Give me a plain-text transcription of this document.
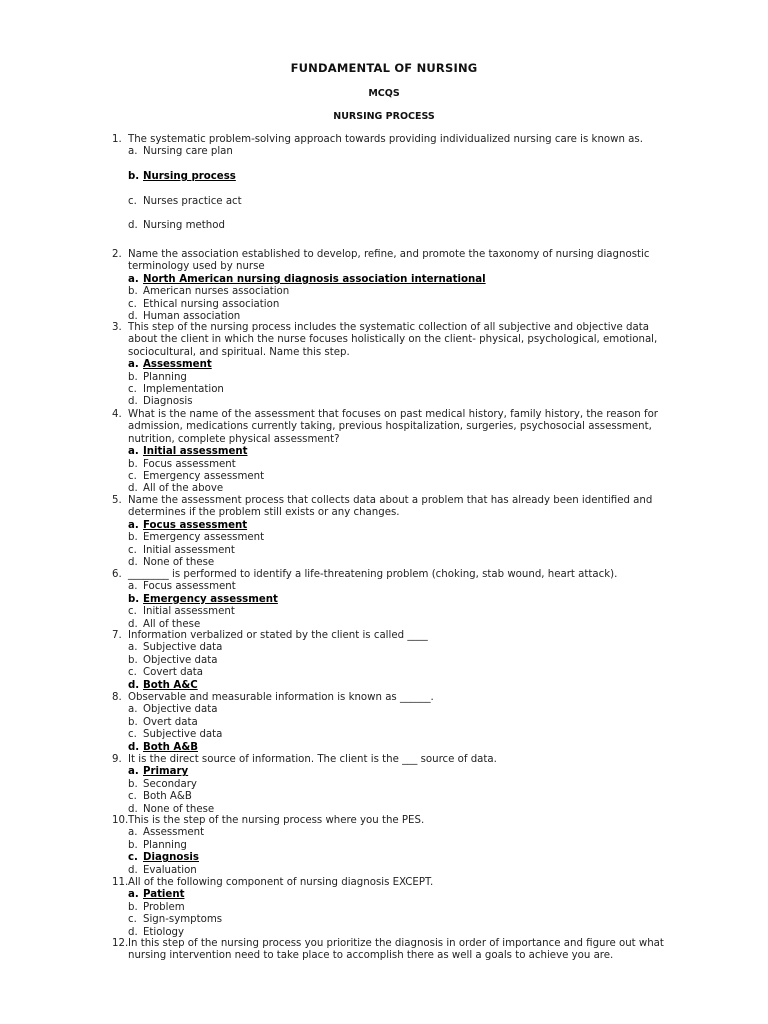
FUNDAMENTAL OF NURSING
MCQS
NURSING PROCESS
1. The systematic problem-solving approach towards providing individualized nursing care is known as.
a. Nursing care plan
b. Nursing process
c. Nurses practice act
d. Nursing method
2. Name the association established to develop, refine, and promote the taxonomy of nursing diagnostic terminology used by nurse
a. North American nursing diagnosis association international
b. American nurses association
c. Ethical nursing association
d. Human association
3. This step of the nursing process includes the systematic collection of all subjective and objective data about the client in which the nurse focuses holistically on the client- physical, psychological, emotional, sociocultural, and spiritual. Name this step.
a. Assessment
b. Planning
c. Implementation
d. Diagnosis
4. What is the name of the assessment that focuses on past medical history, family history, the reason for admission, medications currently taking, previous hospitalization, surgeries, psychosocial assessment, nutrition, complete physical assessment?
a. Initial assessment
b. Focus assessment
c. Emergency assessment
d. All of the above
5. Name the assessment process that collects data about a problem that has already been identified and determines if the problem still exists or any changes.
a. Focus assessment
b. Emergency assessment
c. Initial assessment
d. None of these
6. ________ is performed to identify a life-threatening problem (choking, stab wound, heart attack).
a. Focus assessment
b. Emergency assessment
c. Initial assessment
d. All of these
7. Information verbalized or stated by the client is called ____
a. Subjective data
b. Objective data
c. Covert data
d. Both A&C
8. Observable and measurable information is known as ______.
a. Objective data
b. Overt data
c. Subjective data
d. Both A&B
9. It is the direct source of information. The client is the ___ source of data.
a. Primary
b. Secondary
c. Both A&B
d. None of these
10. This is the step of the nursing process where you the PES.
a. Assessment
b. Planning
c. Diagnosis
d. Evaluation
11. All of the following component of nursing diagnosis EXCEPT.
a. Patient
b. Problem
c. Sign-symptoms
d. Etiology
12. In this step of the nursing process you prioritize the diagnosis in order of importance and figure out what nursing intervention need to take place to accomplish there as well a goals to achieve you are.
